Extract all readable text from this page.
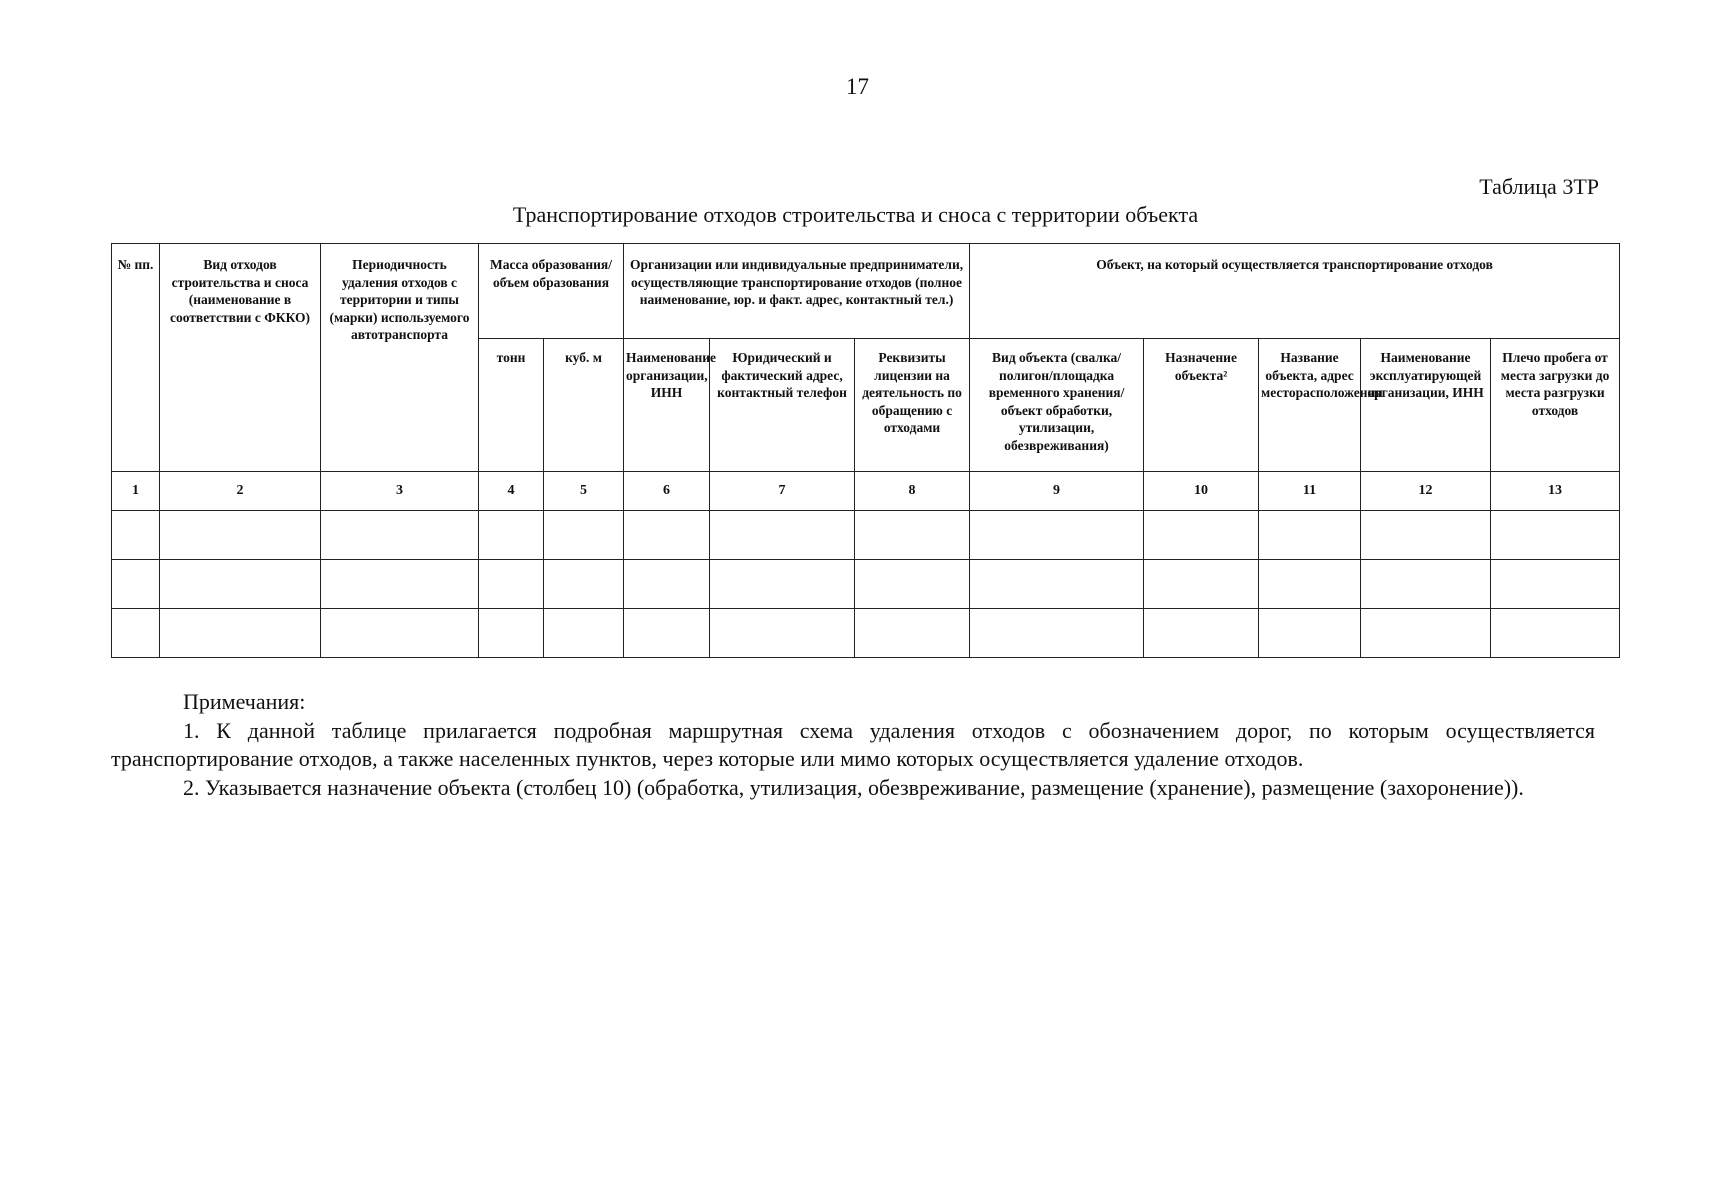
17
Таблица 3ТР
Транспортирование отходов строительства и сноса с территории объекта
№ пп.	Вид отходов строительства и сноса (наименование в соответствии с ФККО)	Периодичность удаления отходов с территории и типы (марки) используемого автотранспорта	Масса образования/ объем образования		Организации или индивидуальные предприниматели, осуществляющие транспортирование отходов (полное наименование, юр. и факт. адрес, контактный тел.)			Объект, на который осуществляется транспортирование отходов				
			тонн	куб. м	Наименование организации, ИНН	Юридический и фактический адрес, контактный телефон	Реквизиты лицензии на деятельность по обращению с отходами	Вид объекта (свалка/полигон/площадка временного хранения/объект обработки, утилизации, обезвреживания)	Назначение объекта²	Название объекта, адрес месторасположения	Наименование эксплуатирующей организации, ИНН	Плечо пробега от места загрузки до места разгрузки отходов
1	2	3	4	5	6	7	8	9	10	11	12	13

Примечания:

1. К данной таблице прилагается подробная маршрутная схема удаления отходов с обозначением дорог, по которым осуществляется транспортирование отходов, а также населенных пунктов, через которые или мимо которых осуществляется удаление отходов.

2. Указывается назначение объекта (столбец 10) (обработка, утилизация, обезвреживание, размещение (хранение), размещение (захоронение)).
